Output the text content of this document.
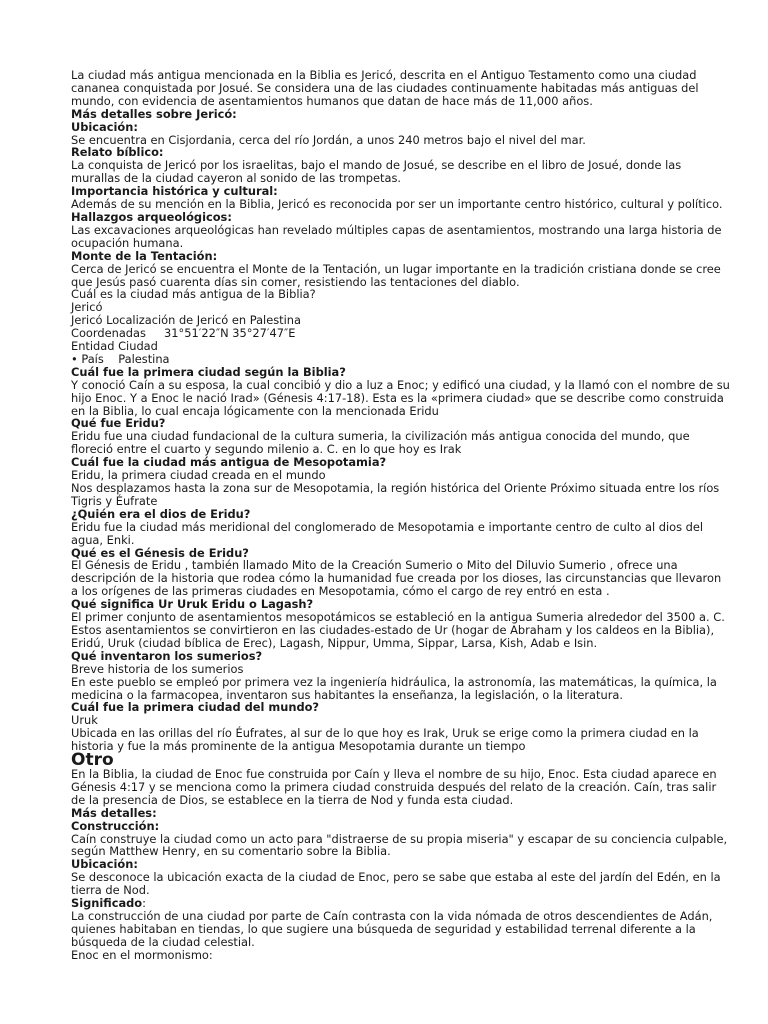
La ciudad más antigua mencionada en la Biblia es Jericó, descrita en el Antiguo Testamento como una ciudad cananea conquistada por Josué. Se considera una de las ciudades continuamente habitadas más antiguas del mundo, con evidencia de asentamientos humanos que datan de hace más de 11,000 años.

Más detalles sobre Jericó:

Ubicación:

Se encuentra en Cisjordania, cerca del río Jordán, a unos 240 metros bajo el nivel del mar.

Relato bíblico:

La conquista de Jericó por los israelitas, bajo el mando de Josué, se describe en el libro de Josué, donde las murallas de la ciudad cayeron al sonido de las trompetas.

Importancia histórica y cultural:

Además de su mención en la Biblia, Jericó es reconocida por ser un importante centro histórico, cultural y político.

Hallazgos arqueológicos:

Las excavaciones arqueológicas han revelado múltiples capas de asentamientos, mostrando una larga historia de ocupación humana.

Monte de la Tentación:

Cerca de Jericó se encuentra el Monte de la Tentación, un lugar importante en la tradición cristiana donde se cree que Jesús pasó cuarenta días sin comer, resistiendo las tentaciones del diablo.

Cuál es la ciudad más antigua de la Biblia?

Jericó

Jericó Localización de Jericó en Palestina

Coordenadas     31°51′22″N 35°27′47″E

Entidad Ciudad

• País    Palestina

Cuál fue la primera ciudad según la Biblia?

Y conoció Caín a su esposa, la cual concibió y dio a luz a Enoc; y edificó una ciudad, y la llamó con el nombre de su hijo Enoc. Y a Enoc le nació Irad» (Génesis 4:17-18). Esta es la «primera ciudad» que se describe como construida en la Biblia, lo cual encaja lógicamente con la mencionada Eridu

Qué fue Eridu?

Eridu fue una ciudad fundacional de la cultura sumeria, la civilización más antigua conocida del mundo, que floreció entre el cuarto y segundo milenio a. C. en lo que hoy es Irak

Cuál fue la ciudad más antigua de Mesopotamia?

Eridu, la primera ciudad creada en el mundo

Nos desplazamos hasta la zona sur de Mesopotamia, la región histórica del Oriente Próximo situada entre los ríos Tigris y Éufrate

¿Quién era el dios de Eridu?

Eridu fue la ciudad más meridional del conglomerado de Mesopotamia e importante centro de culto al dios del agua, Enki.

Qué es el Génesis de Eridu?

El Génesis de Eridu , también llamado Mito de la Creación Sumerio o Mito del Diluvio Sumerio , ofrece una descripción de la historia que rodea cómo la humanidad fue creada por los dioses, las circunstancias que llevaron a los orígenes de las primeras ciudades en Mesopotamia, cómo el cargo de rey entró en esta .

Qué significa Ur Uruk Eridu o Lagash?

El primer conjunto de asentamientos mesopotámicos se estableció en la antigua Sumeria alrededor del 3500 a. C. Estos asentamientos se convirtieron en las ciudades-estado de Ur (hogar de Abraham y los caldeos en la Biblia), Eridú, Uruk (ciudad bíblica de Erec), Lagash, Nippur, Umma, Sippar, Larsa, Kish, Adab e Isin.

Qué inventaron los sumerios?

Breve historia de los sumerios

En este pueblo se empleó por primera vez la ingeniería hidráulica, la astronomía, las matemáticas, la química, la medicina o la farmacopea, inventaron sus habitantes la enseñanza, la legislación, o la literatura.

Cuál fue la primera ciudad del mundo?

Uruk

Ubicada en las orillas del río Éufrates, al sur de lo que hoy es Irak, Uruk se erige como la primera ciudad en la historia y fue la más prominente de la antigua Mesopotamia durante un tiempo

Otro

En la Biblia, la ciudad de Enoc fue construida por Caín y lleva el nombre de su hijo, Enoc. Esta ciudad aparece en Génesis 4:17 y se menciona como la primera ciudad construida después del relato de la creación. Caín, tras salir de la presencia de Dios, se establece en la tierra de Nod y funda esta ciudad.

Más detalles:

Construcción:

Caín construye la ciudad como un acto para "distraerse de su propia miseria" y escapar de su conciencia culpable, según Matthew Henry, en su comentario sobre la Biblia.

Ubicación:

Se desconoce la ubicación exacta de la ciudad de Enoc, pero se sabe que estaba al este del jardín del Edén, en la tierra de Nod.

Significado:

La construcción de una ciudad por parte de Caín contrasta con la vida nómada de otros descendientes de Adán, quienes habitaban en tiendas, lo que sugiere una búsqueda de seguridad y estabilidad terrenal diferente a la búsqueda de la ciudad celestial.

Enoc en el mormonismo:
